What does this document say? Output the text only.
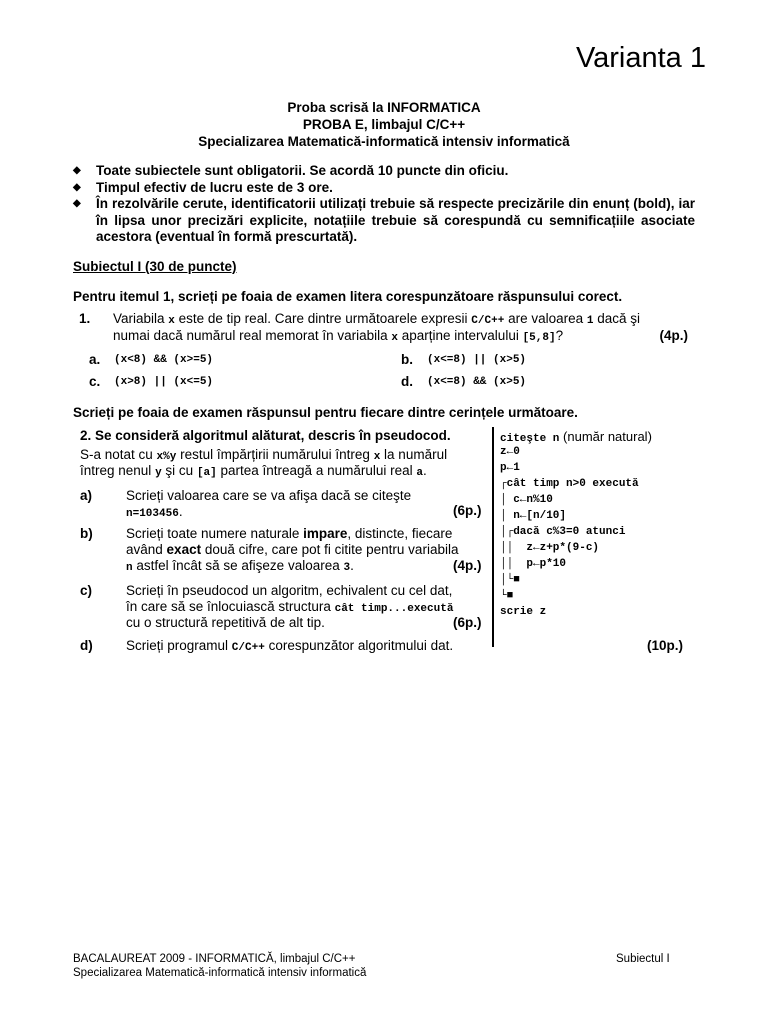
Varianta 1
Proba scrisă la INFORMATICA
PROBA E, limbajul C/C++
Specializarea Matematică-informatică intensiv informatică
◆ Toate subiectele sunt obligatorii. Se acordă 10 puncte din oficiu.
◆ Timpul efectiv de lucru este de 3 ore.
◆ În rezolvările cerute, identificatorii utilizați trebuie să respecte precizările din enunț (bold), iar în lipsa unor precizări explicite, notațiile trebuie să corespundă cu semnificațiile asociate acestora (eventual în formă prescurtată).
Subiectul I (30 de puncte)
Pentru itemul 1, scrieți pe foaia de examen litera corespunzătoare răspunsului corect.
1. Variabila x este de tip real. Care dintre următoarele expresii C/C++ are valoarea 1 dacă şi
numai dacă numărul real memorat în variabila x aparține intervalului [5,8]?	(4p.)
a. (x<8) && (x>=5)	b. (x<=8) || (x>5)
c. (x>8) || (x<=5)	d. (x<=8) && (x>5)
Scrieți pe foaia de examen răspunsul pentru fiecare dintre cerințele următoare.
2. Se consideră algoritmul alăturat, descris în pseudocod.
S-a notat cu x%y restul împărțirii numărului întreg x la numărul
întreg nenul y şi cu [a] partea întreagă a numărului real a.
a)	Scrieți valoarea care se va afişa dacă se citeşte
n=103456.	(6p.)
b) Scrieți toate numere naturale impare, distincte, fiecare
având exact două cifre, care pot fi citite pentru variabila
n astfel încât să se afişeze valoarea 3.	(4p.)
c)	Scrieți în pseudocod un algoritm, echivalent cu cel dat,
în care să se înlocuiască structura cât timp...execută
cu o structură repetitivă de alt tip.	(6p.)
d) Scrieți programul C/C++ corespunzător algoritmului dat.	(10p.)
citeşte n (număr natural)
z←0
p←1
┌cât timp n>0 execută
│ c←n%10
│ n←[n/10]
│┌dacă c%3=0 atunci
││  z←z+p*(9-c)
││  p←p*10
│└■
└■
scrie z
BACALAUREAT 2009 - INFORMATICĂ, limbajul C/C++	Subiectul I
Specializarea Matematică-informatică intensiv informatică
